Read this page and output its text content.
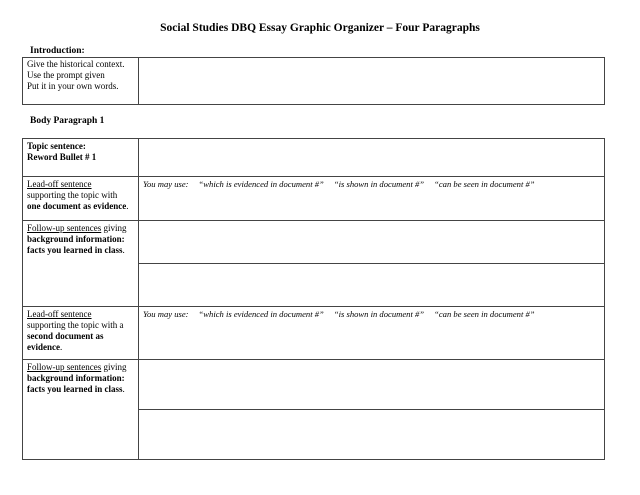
Social Studies DBQ Essay Graphic Organizer – Four Paragraphs
Introduction:
Give the historical context.
Use the prompt given
Put it in your own words.

Body Paragraph 1
Topic sentence:
Reword Bullet # 1	

Lead-off sentence
supporting the topic with
one document as evidence.	You may use: “which is evidenced in document #” “is shown in document #” “can be seen in document #”

Follow-up sentences giving
background information:
facts you learned in class.	

Lead-off sentence
supporting the topic with a
second document as
evidence.	You may use: “which is evidenced in document #” “is shown in document #” “can be seen in document #”

Follow-up sentences giving
background information:
facts you learned in class.	
